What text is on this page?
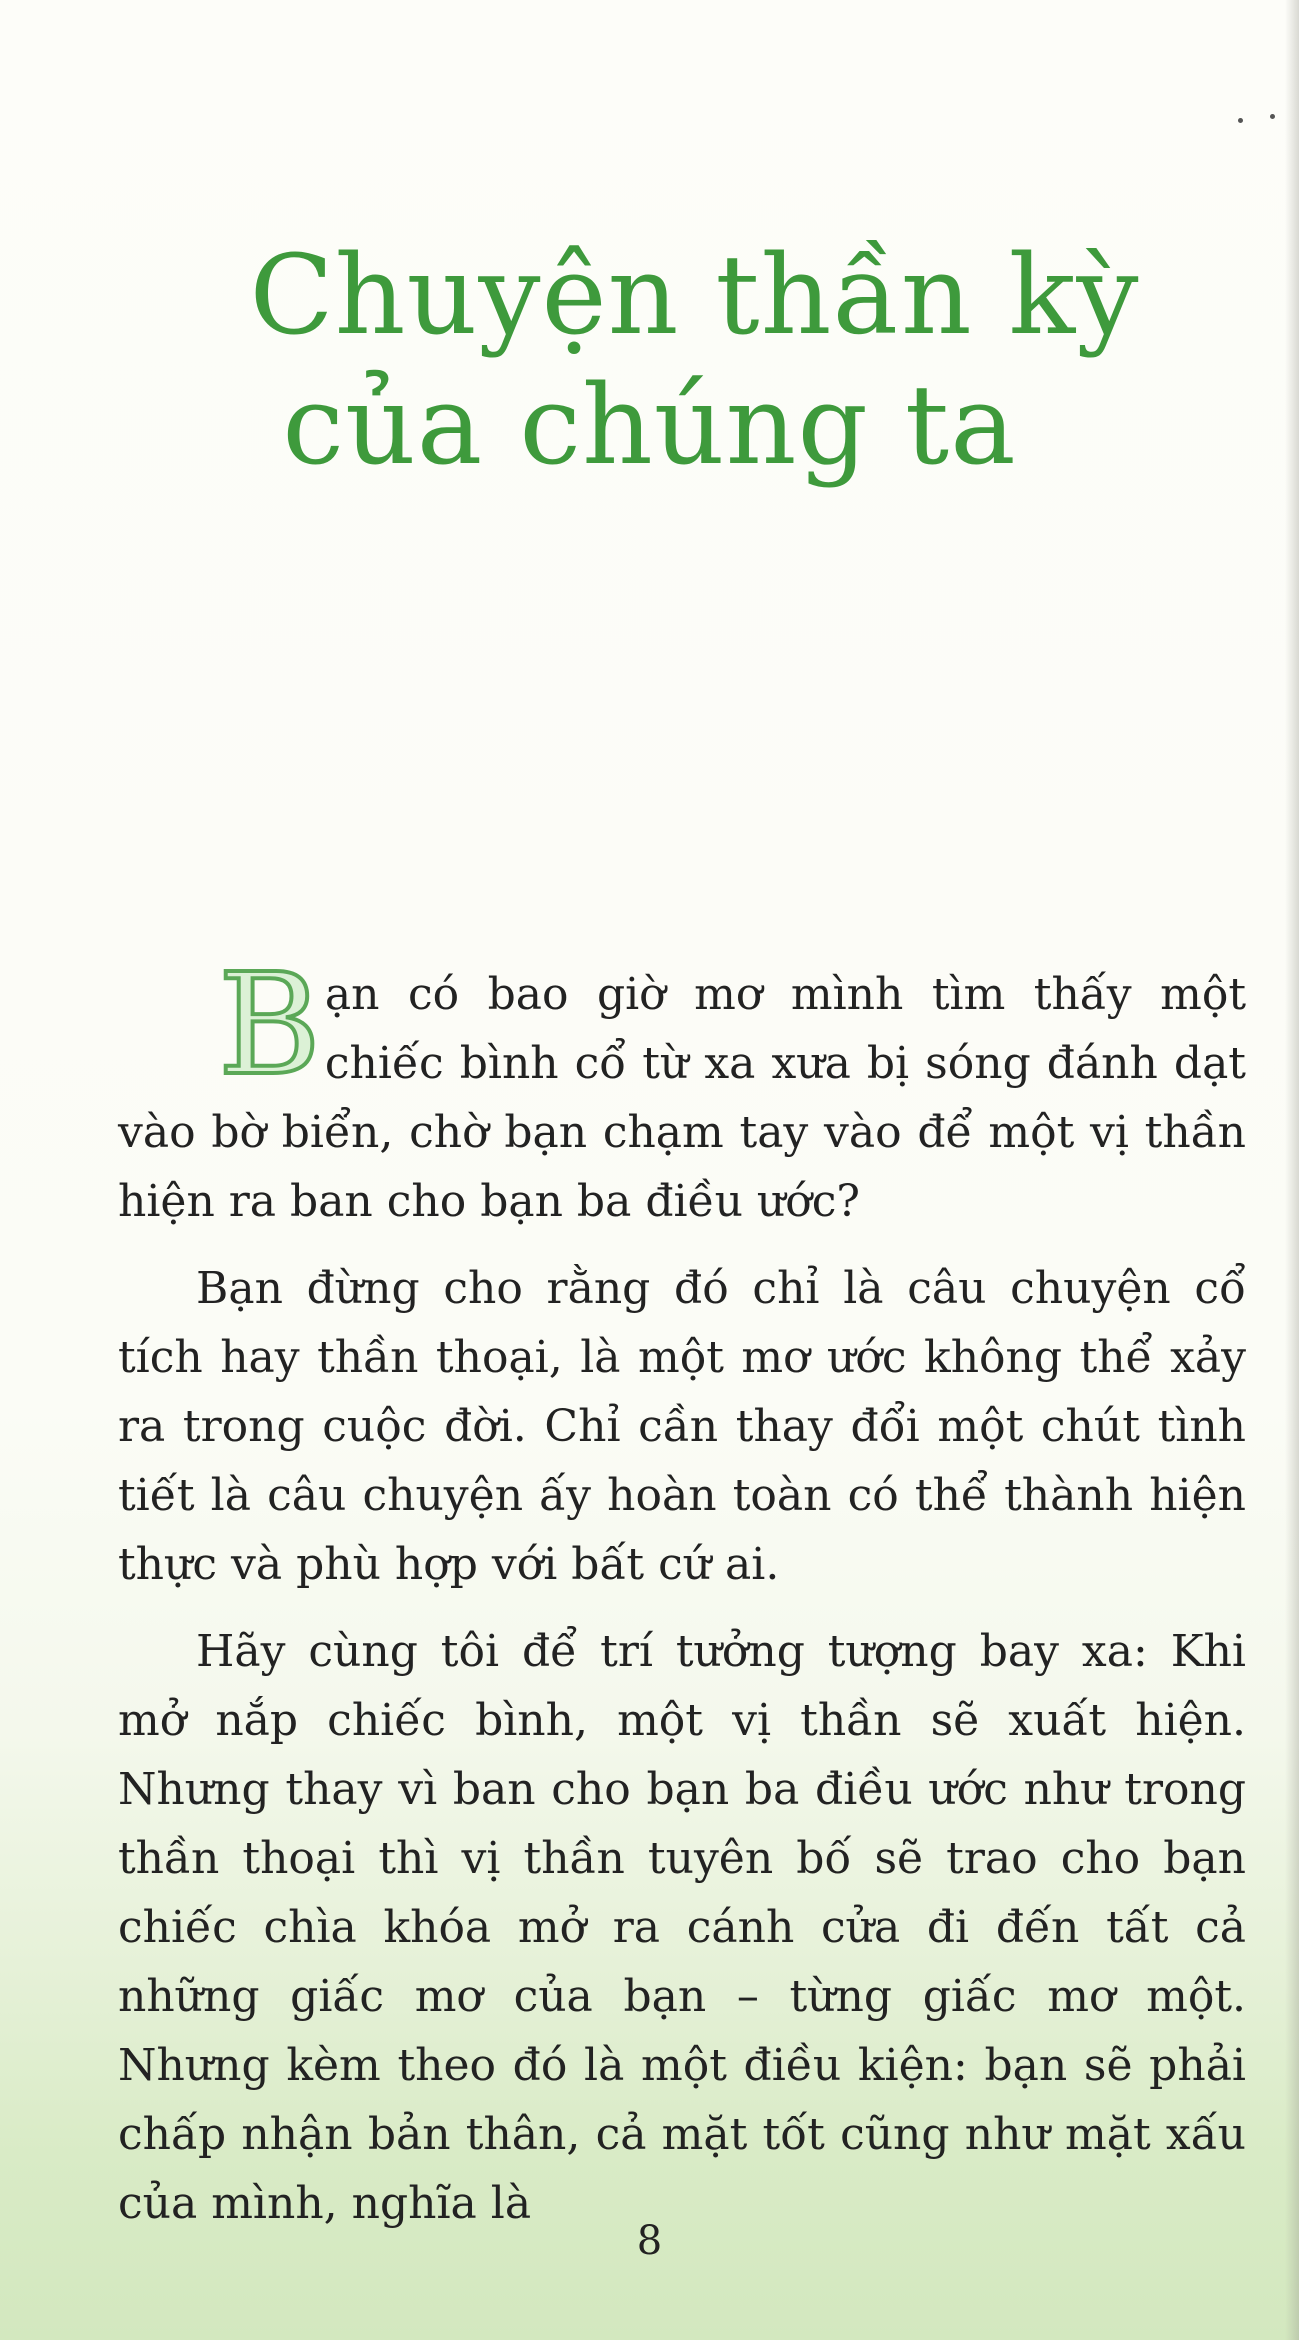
Chuyện thần kỳ
của chúng ta

Bạn có bao giờ mơ mình tìm thấy một chiếc bình cổ từ xa xưa bị sóng đánh dạt vào bờ biển, chờ bạn chạm tay vào để một vị thần hiện ra ban cho bạn ba điều ước?

Bạn đừng cho rằng đó chỉ là câu chuyện cổ tích hay thần thoại, là một mơ ước không thể xảy ra trong cuộc đời. Chỉ cần thay đổi một chút tình tiết là câu chuyện ấy hoàn toàn có thể thành hiện thực và phù hợp với bất cứ ai.

Hãy cùng tôi để trí tưởng tượng bay xa: Khi mở nắp chiếc bình, một vị thần sẽ xuất hiện. Nhưng thay vì ban cho bạn ba điều ước như trong thần thoại thì vị thần tuyên bố sẽ trao cho bạn chiếc chìa khóa mở ra cánh cửa đi đến tất cả những giấc mơ của bạn – từng giấc mơ một. Nhưng kèm theo đó là một điều kiện: bạn sẽ phải chấp nhận bản thân, cả mặt tốt cũng như mặt xấu của mình, nghĩa là

8
